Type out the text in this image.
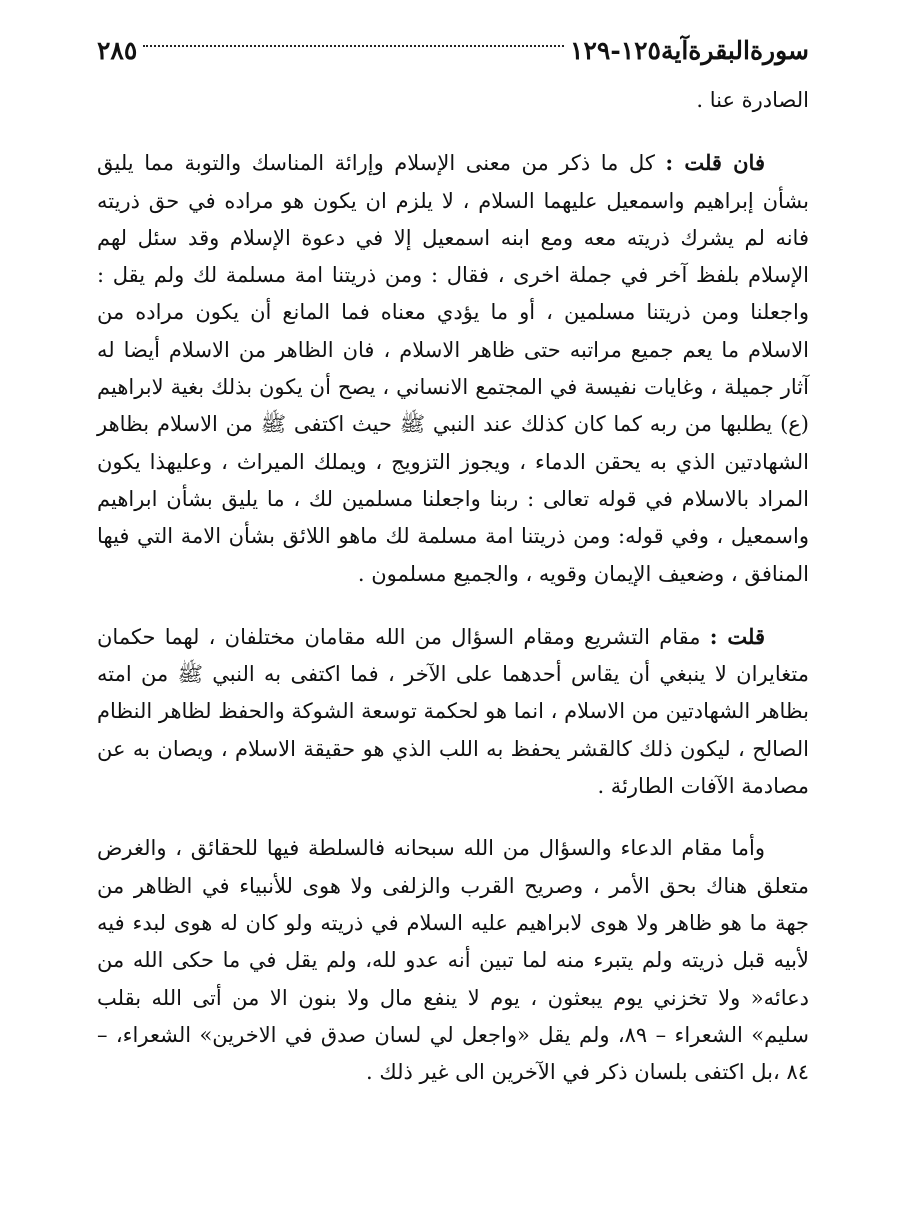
سورةالبقرةآية١٢٥-١٢٩
٢٨٥

الصادرة عنا .

فان قلت : كل ما ذكر من معنى الإسلام وإرائة المناسك والتوبة مما يليق بشأن إبراهيم واسمعيل عليهما السلام ، لا يلزم ان يكون هو مراده في حق ذريته فانه لم يشرك ذريته معه ومع ابنه اسمعيل إلا في دعوة الإسلام وقد سئل لهم الإسلام بلفظ آخر في جملة اخرى ، فقال : ومن ذريتنا امة مسلمة لك ولم يقل : واجعلنا ومن ذريتنا مسلمين ، أو ما يؤدي معناه فما المانع أن يكون مراده من الاسلام ما يعم جميع مراتبه حتى ظاهر الاسلام ، فان الظاهر من الاسلام أيضا له آثار جميلة ، وغايات نفيسة في المجتمع الانساني ، يصح أن يكون بذلك بغية لابراهيم (ع) يطلبها من ربه كما كان كذلك عند النبي ﷺ حيث اكتفى ﷺ من الاسلام بظاهر الشهادتين الذي به يحقن الدماء ، ويجوز التزويج ، ويملك الميراث ، وعليهذا يكون المراد بالاسلام في قوله تعالى : ربنا واجعلنا مسلمين لك ، ما يليق بشأن ابراهيم واسمعيل ، وفي قوله: ومن ذريتنا امة مسلمة لك ماهو اللائق بشأن الامة التي فيها المنافق ، وضعيف الإيمان وقويه ، والجميع مسلمون .

قلت : مقام التشريع ومقام السؤال من الله مقامان مختلفان ، لهما حكمان متغايران لا ينبغي أن يقاس أحدهما على الآخر ، فما اكتفى به النبي ﷺ من امته بظاهر الشهادتين من الاسلام ، انما هو لحكمة توسعة الشوكة والحفظ لظاهر النظام الصالح ، ليكون ذلك كالقشر يحفظ به اللب الذي هو حقيقة الاسلام ، ويصان به عن مصادمة الآفات الطارئة .

وأما مقام الدعاء والسؤال من الله سبحانه فالسلطة فيها للحقائق ، والغرض متعلق هناك بحق الأمر ، وصريح القرب والزلفى ولا هوى للأنبياء في الظاهر من جهة ما هو ظاهر ولا هوى لابراهيم عليه السلام في ذريته ولو كان له هوى لبدء فيه لأبيه قبل ذريته ولم يتبرء منه لما تبين أنه عدو لله، ولم يقل في ما حكى الله من دعائه« ولا تخزني يوم يبعثون ، يوم لا ينفع مال ولا بنون الا من أتى الله بقلب سليم» الشعراء – ٨٩، ولم يقل «واجعل لي لسان صدق في الاخرين» الشعراء، – ٨٤ ،بل اكتفى بلسان ذكر في الآخرين الى غير ذلك .
